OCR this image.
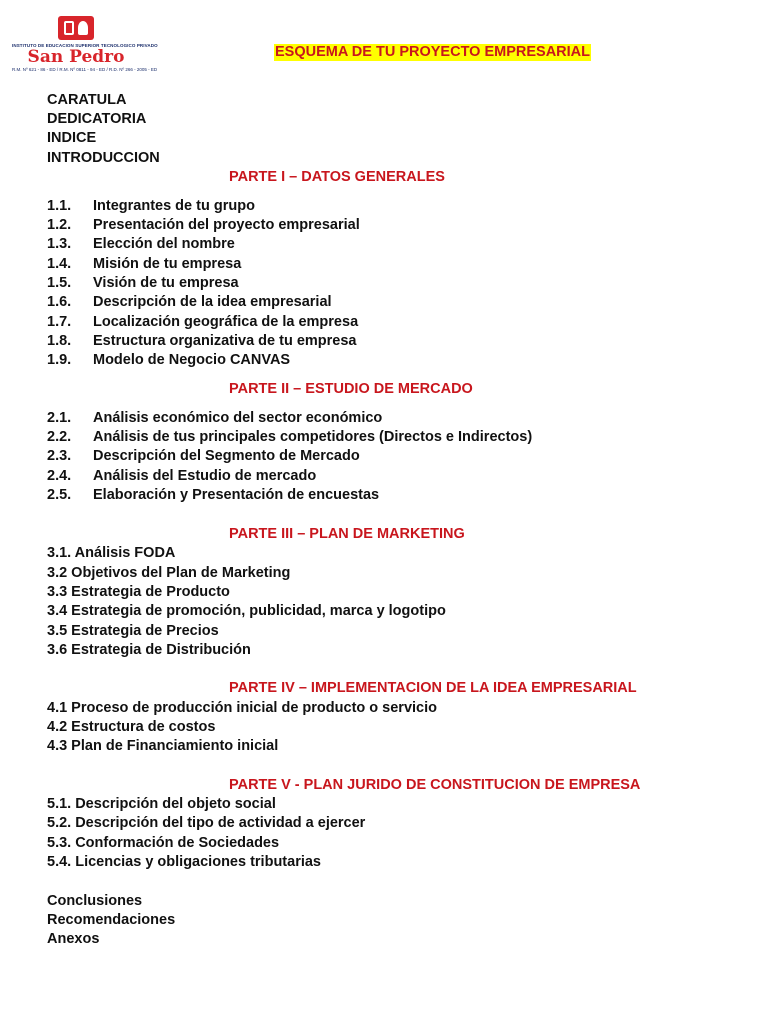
INSTITUTO DE EDUCACION SUPERIOR TECNOLOGICO PRIVADO
San Pedro
R.M. Nº 621 - 86 - ED / R.M. Nº 0811 - 94 - ED / R.D. Nº 266 - 2005 - ED
ESQUEMA DE TU PROYECTO EMPRESARIAL
CARATULA
DEDICATORIA
INDICE
INTRODUCCION
PARTE I – DATOS GENERALES
1.1. Integrantes de tu grupo
1.2. Presentación del proyecto empresarial
1.3. Elección del nombre
1.4. Misión de tu empresa
1.5. Visión de tu empresa
1.6. Descripción de la idea empresarial
1.7. Localización geográfica de la empresa
1.8. Estructura organizativa de tu empresa
1.9. Modelo de Negocio CANVAS
PARTE II – ESTUDIO DE MERCADO
2.1. Análisis económico del sector económico
2.2. Análisis de tus principales competidores (Directos e Indirectos)
2.3. Descripción del Segmento de Mercado
2.4. Análisis del Estudio de mercado
2.5. Elaboración y Presentación de encuestas
PARTE III – PLAN DE MARKETING
3.1. Análisis FODA
3.2 Objetivos del Plan de Marketing
3.3 Estrategia de Producto
3.4 Estrategia de promoción, publicidad, marca y logotipo
3.5 Estrategia de Precios
3.6 Estrategia de Distribución
PARTE IV – IMPLEMENTACION DE LA IDEA EMPRESARIAL
4.1 Proceso de producción inicial de producto o servicio
4.2 Estructura de costos
4.3 Plan de Financiamiento inicial
PARTE V - PLAN JURIDO DE CONSTITUCION DE EMPRESA
5.1. Descripción del objeto social
5.2. Descripción del tipo de actividad a ejercer
5.3. Conformación de Sociedades
5.4. Licencias y obligaciones tributarias
Conclusiones
Recomendaciones
Anexos
